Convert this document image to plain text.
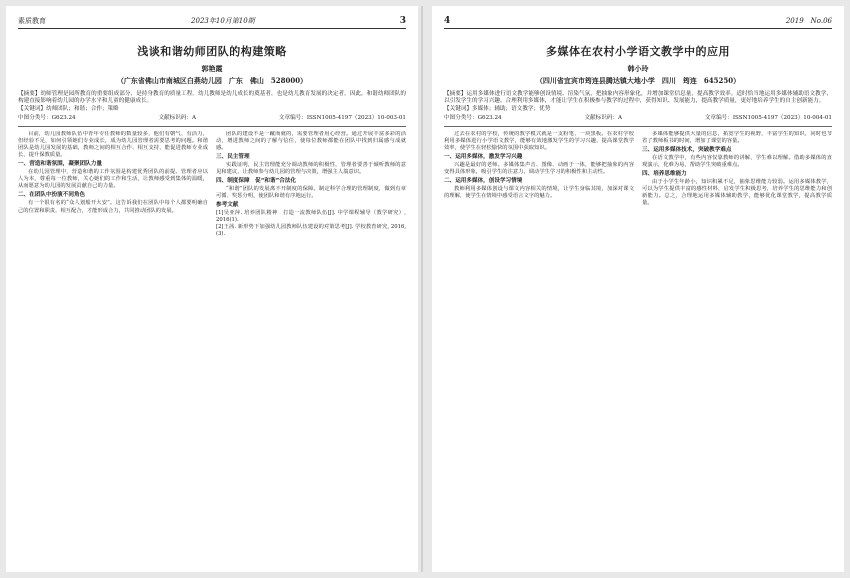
素质教育	2023年10月第10期	3
浅谈和谐幼师团队的构建策略
郭艳霞
（广东省佛山市南城区白燕幼儿园　广东　佛山　528000）
【摘要】幼师管理是园所教育的重要组成部分，是持身教育的质量工程。幼儿教师是幼儿成长的奠基者，也是幼儿教育发展的决定者。因此，和谐幼师团队的构建直接影响着幼儿园的办学水平和儿童的健康成长。
【关键词】幼师团队；和谐；合作；策略
中图分类号：G623.24	文献标识码：A	文章编号：ISSN1005-4197（2023）10-003-01

目前，幼儿园教师队伍中青年专任教师的数量较多，他们有朝气、有活力，但经验不足，如何引领她们专业成长，成为幼儿园管理者需要思考的问题。和谐团队是幼儿园发展的基础，教师之间的相互合作、相互支持，能促进教师专业成长，提升保教质量。

一、营造和谐氛围，凝聚团队力量

在幼儿园管理中，营造和谐的工作氛围是构建优秀团队的前提。管理者应以人为本，尊重每一位教师，关心她们的工作和生活，让教师感受到集体的温暖，从而愿意为幼儿园的发展贡献自己的力量。

二、在团队中扮演不同角色

有一个很有名的“众人划船开大安”。这告诉我们在团队中每个人都要明确自己的位置和职责，相互配合，才能形成合力，共同推动团队的发展。

团队的建设不是一蹴而就的，需要管理者用心经营。通过开展丰富多彩的活动，增进教师之间的了解与信任，使每位教师都能在团队中找到归属感与成就感。

三、民主管理

实践证明，民主管理能充分调动教师的积极性，管理者要善于倾听教师的意见和建议，让教师参与幼儿园的管理与决策，增强主人翁意识。

四、制度保障　促“和谐”合法化

“和谐”团队的发展离不开制度的保障。制定科学合理的管理制度，做到有章可循、奖惩分明，使团队和谐有序地运行。

参考文献

[1]吴亚萍. 培养团队精神　打造一流教师队伍[J]. 中学课程辅导（教学研究）, 2016(1).

[2]王茜. 新形势下加强幼儿园教师队伍建设的对策思考[J]. 学校教育研究, 2016, (3).

4	2019　No.06
多媒体在农村小学语文教学中的应用
韩小玲
（四川省宜宾市筠连县腾达镇大地小学　四川　筠连　645250）
【摘要】运用多媒体进行语文教学能够创设情境、渲染气氛，把抽象内容形象化，并增加课堂信息量，提高教学效率。适时恰当地运用多媒体辅助语文教学，以引发学生的学习兴趣。合理利用多媒体，才能让学生在积极参与教学的过程中，获得知识、发展能力，提高教学质量，更好地培养学生的自主创新能力。
【关键词】多媒体；辅助；语文教学；优势
中图分类号：G623.24	文献标识码：A	文章编号：ISSN1005-4197（2023）10-004-01

过去在农村的学校，传统的教学模式就是一支粉笔、一块黑板。在农村学校利用多媒体进行小学语文教学，能够有效地激发学生的学习兴趣，提高课堂教学效率，使学生在轻松愉快的氛围中获取知识。

一、运用多媒体，激发学习兴趣

兴趣是最好的老师。多媒体集声音、图像、动画于一体，能够把抽象的内容变得具体形象，吸引学生的注意力，调动学生学习的积极性和主动性。

二、运用多媒体，创设学习情境

教师利用多媒体创设与课文内容相关的情境，让学生身临其境，加深对课文的理解，使学生在情境中感受语言文字的魅力。

多媒体能够提供大量的信息，拓宽学生的视野，丰富学生的知识，同时也节省了教师板书的时间，增加了课堂的容量。

三、运用多媒体技术，突破教学难点

在语文教学中，有些内容仅靠教师的讲解，学生难以理解。借助多媒体的直观演示，化难为易，帮助学生突破重难点。

四、培养思维能力

由于小学生年龄小，知识积累不足，抽象思维能力较弱。运用多媒体教学，可以为学生提供丰富的感性材料，启发学生积极思考，培养学生的思维能力和创新能力。总之，合理地运用多媒体辅助教学，能够优化课堂教学，提高教学质量。
